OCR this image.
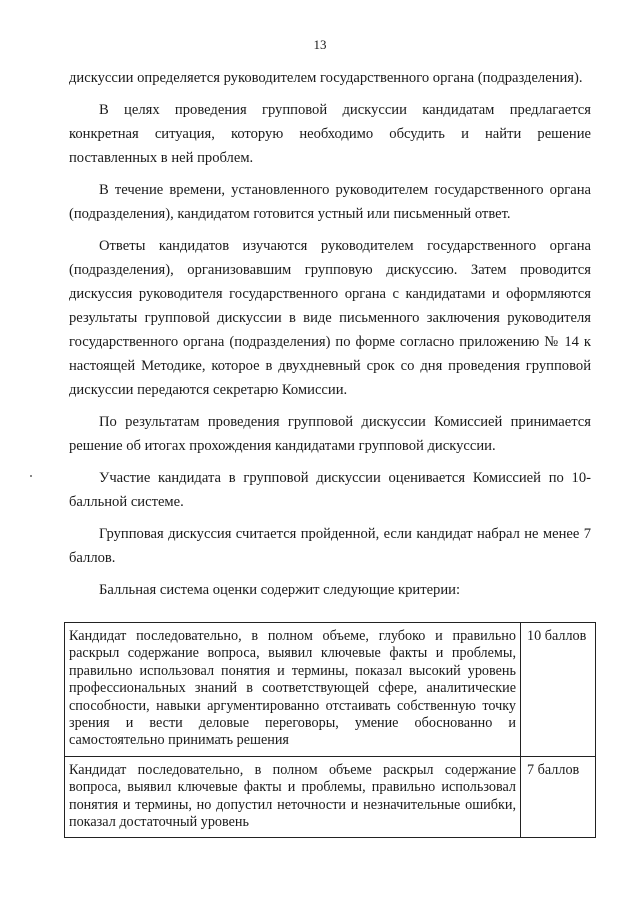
13

дискуссии определяется руководителем государственного органа (подразделения).

В целях проведения групповой дискуссии кандидатам предлагается конкретная ситуация, которую необходимо обсудить и найти решение поставленных в ней проблем.

В течение времени, установленного руководителем государственного органа (подразделения), кандидатом готовится устный или письменный ответ.

Ответы кандидатов изучаются руководителем государственного органа (подразделения), организовавшим групповую дискуссию. Затем проводится дискуссия руководителя государственного органа с кандидатами и оформляются результаты групповой дискуссии в виде письменного заключения руководителя государственного органа (подразделения) по форме согласно приложению № 14 к настоящей Методике, которое в двухдневный срок со дня проведения групповой дискуссии передаются секретарю Комиссии.

По результатам проведения групповой дискуссии Комиссией принимается решение об итогах прохождения кандидатами групповой дискуссии.

Участие кандидата в групповой дискуссии оценивается Комиссией по 10-балльной системе.

Групповая дискуссия считается пройденной, если кандидат набрал не менее 7 баллов.

Балльная система оценки содержит следующие критерии:

Кандидат последовательно, в полном объеме, глубоко и правильно раскрыл содержание вопроса, выявил ключевые факты и проблемы, правильно использовал понятия и термины, показал высокий уровень профессиональных знаний в соответствующей сфере, аналитические способности, навыки аргументированно отстаивать собственную точку зрения и вести деловые переговоры, умение обоснованно и самостоятельно принимать решения	10 баллов
Кандидат последовательно, в полном объеме раскрыл содержание вопроса, выявил ключевые факты и проблемы, правильно использовал понятия и термины, но допустил неточности и незначительные ошибки, показал достаточный уровень	7 баллов
